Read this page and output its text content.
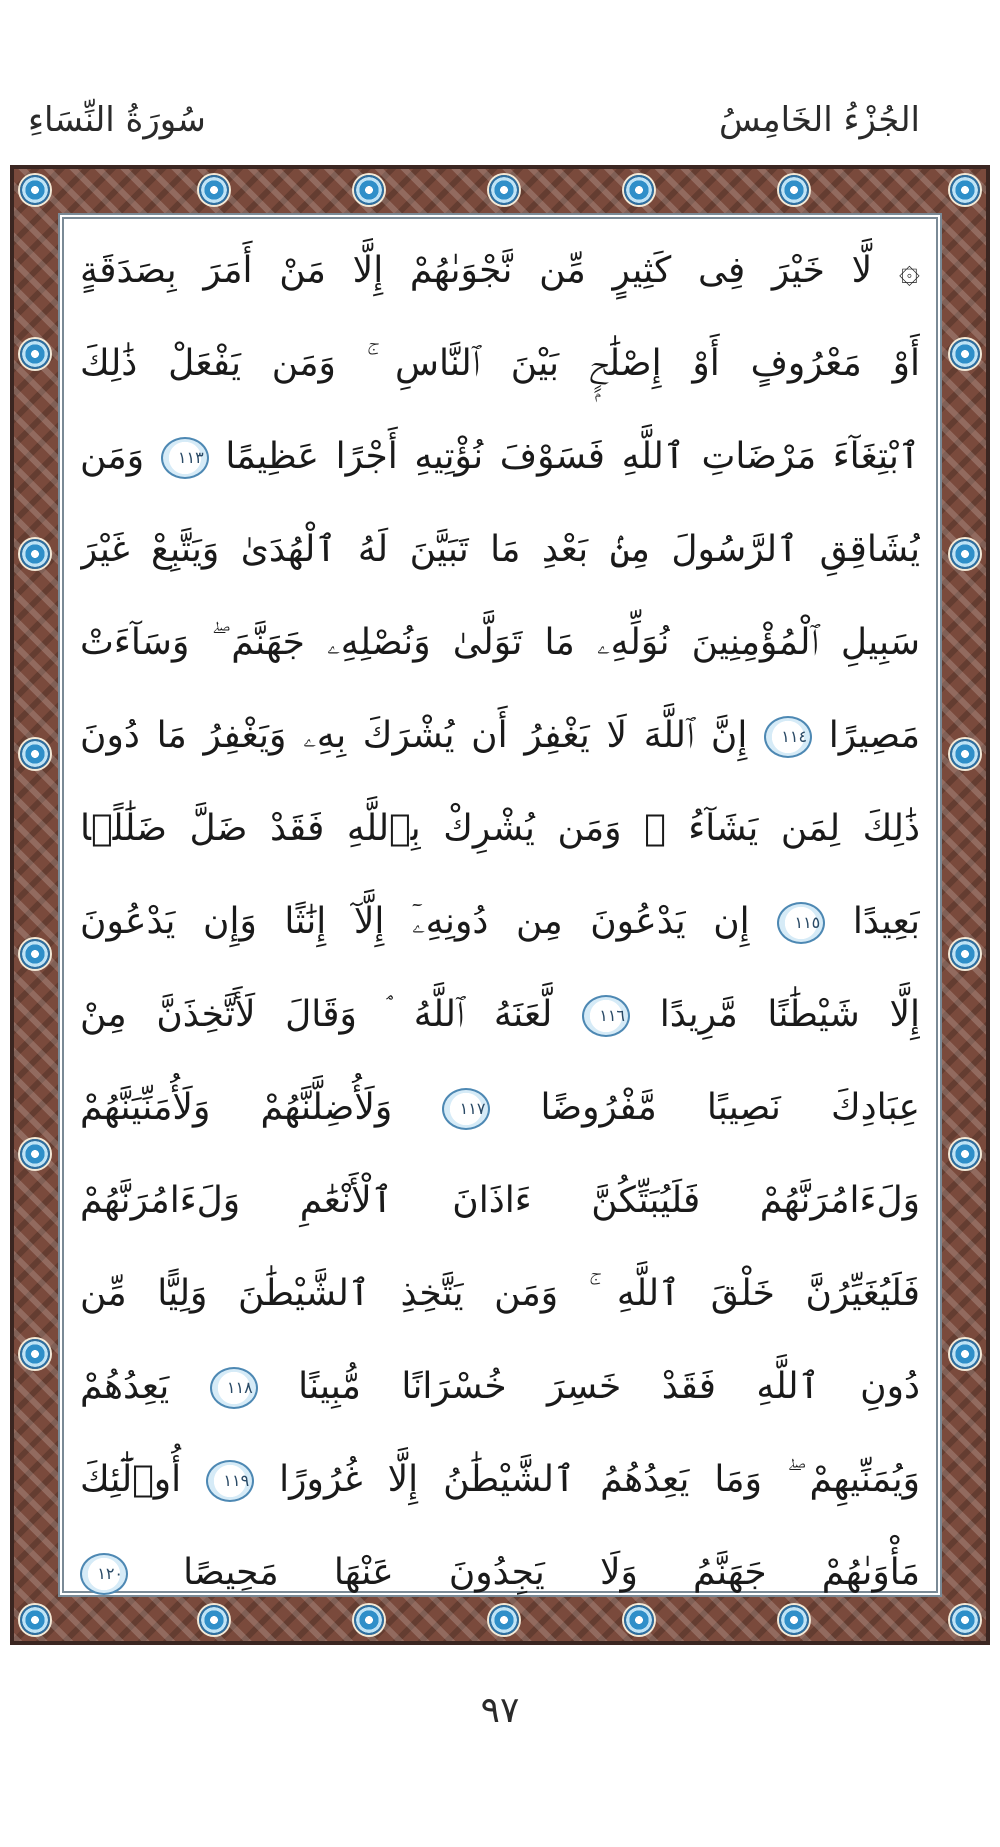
الجُزْءُ الخَامِسُ
سُورَةُ النِّسَاءِ
۞ لَّا خَيْرَ فِى كَثِيرٍ مِّن نَّجْوَىٰهُمْ إِلَّا مَنْ أَمَرَ بِصَدَقَةٍ
أَوْ مَعْرُوفٍ أَوْ إِصْلَٰحٍۭ بَيْنَ ٱلنَّاسِ ۚ وَمَن يَفْعَلْ ذَٰلِكَ
ٱبْتِغَآءَ مَرْضَاتِ ٱللَّهِ فَسَوْفَ نُؤْتِيهِ أَجْرًا عَظِيمًا ١١٣ وَمَن
يُشَاقِقِ ٱلرَّسُولَ مِنۢ بَعْدِ مَا تَبَيَّنَ لَهُ ٱلْهُدَىٰ وَيَتَّبِعْ غَيْرَ
سَبِيلِ ٱلْمُؤْمِنِينَ نُوَلِّهِۦ مَا تَوَلَّىٰ وَنُصْلِهِۦ جَهَنَّمَ ۖ وَسَآءَتْ
مَصِيرًا ١١٤ إِنَّ ٱللَّهَ لَا يَغْفِرُ أَن يُشْرَكَ بِهِۦ وَيَغْفِرُ مَا دُونَ
ذَٰلِكَ لِمَن يَشَآءُ ۚ وَمَن يُشْرِكْ بِٱللَّهِ فَقَدْ ضَلَّ ضَلَٰلًۢا
بَعِيدًا ١١٥ إِن يَدْعُونَ مِن دُونِهِۦٓ إِلَّآ إِنَٰثًا وَإِن يَدْعُونَ
إِلَّا شَيْطَٰنًا مَّرِيدًا ١١٦ لَّعَنَهُ ٱللَّهُ ۘ وَقَالَ لَأَتَّخِذَنَّ مِنْ
عِبَادِكَ نَصِيبًا مَّفْرُوضًا ١١٧ وَلَأُضِلَّنَّهُمْ وَلَأُمَنِّيَنَّهُمْ
وَلَءَامُرَنَّهُمْ فَلَيُبَتِّكُنَّ ءَاذَانَ ٱلْأَنْعَٰمِ وَلَءَامُرَنَّهُمْ
فَلَيُغَيِّرُنَّ خَلْقَ ٱللَّهِ ۚ وَمَن يَتَّخِذِ ٱلشَّيْطَٰنَ وَلِيًّا مِّن
دُونِ ٱللَّهِ فَقَدْ خَسِرَ خُسْرَانًا مُّبِينًا ١١٨ يَعِدُهُمْ
وَيُمَنِّيهِمْ ۖ وَمَا يَعِدُهُمُ ٱلشَّيْطَٰنُ إِلَّا غُرُورًا ١١٩ أُو۟لَٰٓئِكَ
مَأْوَىٰهُمْ جَهَنَّمُ وَلَا يَجِدُونَ عَنْهَا مَحِيصًا ١٢٠
٩٧
